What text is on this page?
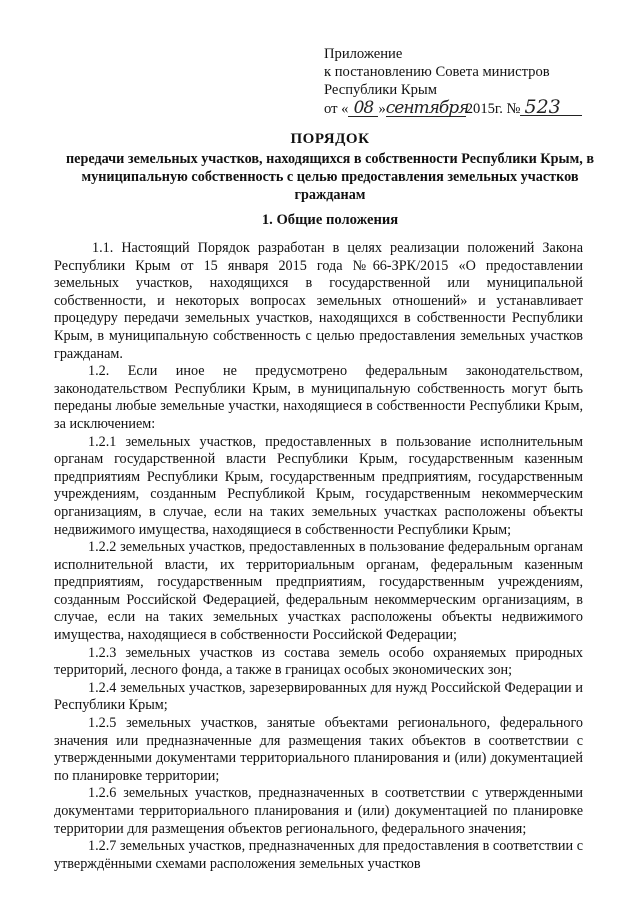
Приложение
к постановлению Совета министров
Республики Крым
от « 08 »сентября2015г. № 523
ПОРЯДОК
передачи земельных участков, находящихся в собственности Республики Крым, в муниципальную собственность с целью предоставления земельных участков гражданам
1. Общие положения

1.1. Настоящий Порядок разработан в целях реализации положений Закона Республики Крым от 15 января 2015 года №66-ЗРК/2015 «О предоставлении земельных участков, находящихся в государственной или муниципальной собственности, и некоторых вопросах земельных отношений» и устанавливает процедуру передачи земельных участков, находящихся в собственности Республики Крым, в муниципальную собственность с целью предоставления земельных участков гражданам.

1.2. Если иное не предусмотрено федеральным законодательством, законодательством Республики Крым, в муниципальную собственность могут быть переданы любые земельные участки, находящиеся в собственности Республики Крым, за исключением:

1.2.1 земельных участков, предоставленных в пользование исполнительным органам государственной власти Республики Крым, государственным казенным предприятиям Республики Крым, государственным предприятиям, государственным учреждениям, созданным Республикой Крым, государственным некоммерческим организациям, в случае, если на таких земельных участках расположены объекты недвижимого имущества, находящиеся в собственности Республики Крым;

1.2.2 земельных участков, предоставленных в пользование федеральным органам исполнительной власти, их территориальным органам, федеральным казенным предприятиям, государственным предприятиям, государственным учреждениям, созданным Российской Федерацией, федеральным некоммерческим организациям, в случае, если на таких земельных участках расположены объекты недвижимого имущества, находящиеся в собственности Российской Федерации;

1.2.3 земельных участков из состава земель особо охраняемых природных территорий, лесного фонда, а также в границах особых экономических зон;

1.2.4 земельных участков, зарезервированных для нужд Российской Федерации и Республики Крым;

1.2.5 земельных участков, занятые объектами регионального, федерального значения или предназначенные для размещения таких объектов в соответствии с утвержденными документами территориального планирования и (или) документацией по планировке территории;

1.2.6 земельных участков, предназначенных в соответствии с утвержденными документами территориального планирования и (или) документацией по планировке территории для размещения объектов регионального, федерального значения;

1.2.7 земельных участков, предназначенных для предоставления в соответствии с утверждёнными схемами расположения земельных участков
